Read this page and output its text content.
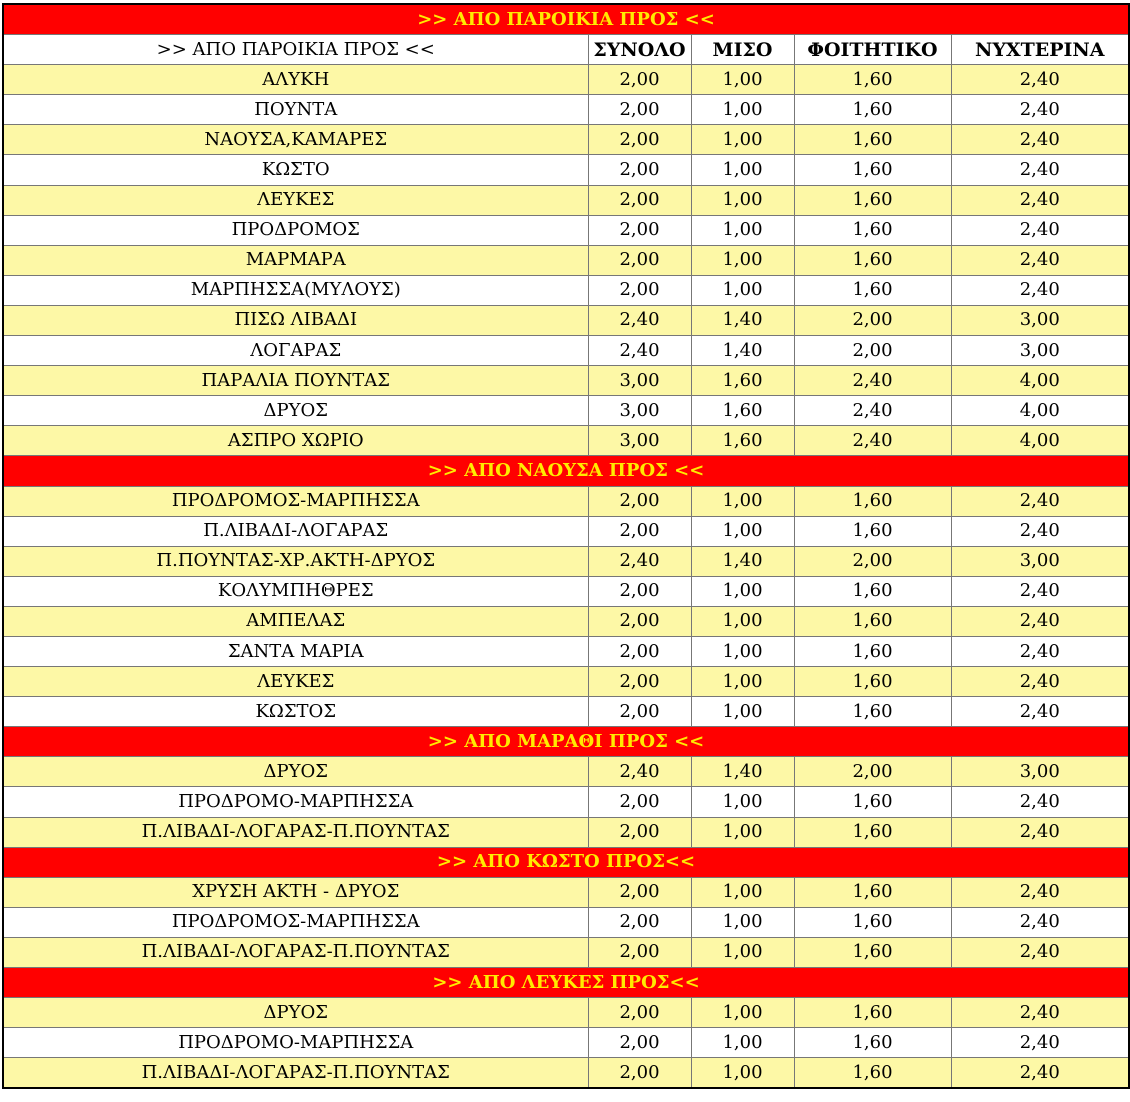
>> ΑΠΟ ΠΑΡΟΙΚΙΑ ΠΡΟΣ <<				
>> ΑΠΟ ΠΑΡΟΙΚΙΑ ΠΡΟΣ <<	ΣΥΝΟΛΟ	ΜΙΣΟ	ΦΟΙΤΗΤΙΚΟ	ΝΥΧΤΕΡΙΝΑ
ΑΛΥΚΗ	2,00	1,00	1,60	2,40
ΠΟΥΝΤΑ	2,00	1,00	1,60	2,40
ΝΑΟΥΣΑ,ΚΑΜΑΡΕΣ	2,00	1,00	1,60	2,40
ΚΩΣΤΟ	2,00	1,00	1,60	2,40
ΛΕΥΚΕΣ	2,00	1,00	1,60	2,40
ΠΡΟΔΡΟΜΟΣ	2,00	1,00	1,60	2,40
ΜΑΡΜΑΡΑ	2,00	1,00	1,60	2,40
ΜΑΡΠΗΣΣΑ(ΜΥΛΟΥΣ)	2,00	1,00	1,60	2,40
ΠΙΣΩ ΛΙΒΑΔΙ	2,40	1,40	2,00	3,00
ΛΟΓΑΡΑΣ	2,40	1,40	2,00	3,00
ΠΑΡΑΛΙΑ ΠΟΥΝΤΑΣ	3,00	1,60	2,40	4,00
ΔΡΥΟΣ	3,00	1,60	2,40	4,00
ΑΣΠΡΟ ΧΩΡΙΟ	3,00	1,60	2,40	4,00
>> ΑΠΟ ΝΑΟΥΣΑ ΠΡΟΣ <<				
ΠΡΟΔΡΟΜΟΣ-ΜΑΡΠΗΣΣΑ	2,00	1,00	1,60	2,40
Π.ΛΙΒΑΔΙ-ΛΟΓΑΡΑΣ	2,00	1,00	1,60	2,40
Π.ΠΟΥΝΤΑΣ-ΧΡ.ΑΚΤΗ-ΔΡΥΟΣ	2,40	1,40	2,00	3,00
ΚΟΛΥΜΠΗΘΡΕΣ	2,00	1,00	1,60	2,40
ΑΜΠΕΛΑΣ	2,00	1,00	1,60	2,40
ΣΑΝΤΑ ΜΑΡΙΑ	2,00	1,00	1,60	2,40
ΛΕΥΚΕΣ	2,00	1,00	1,60	2,40
ΚΩΣΤΟΣ	2,00	1,00	1,60	2,40
>> ΑΠΟ ΜΑΡΑΘΙ ΠΡΟΣ <<				
ΔΡΥΟΣ	2,40	1,40	2,00	3,00
ΠΡΟΔΡΟΜΟ-ΜΑΡΠΗΣΣΑ	2,00	1,00	1,60	2,40
Π.ΛΙΒΑΔΙ-ΛΟΓΑΡΑΣ-Π.ΠΟΥΝΤΑΣ	2,00	1,00	1,60	2,40
>> ΑΠΟ ΚΩΣΤΟ ΠΡΟΣ<<				
ΧΡΥΣΗ ΑΚΤΗ - ΔΡΥΟΣ	2,00	1,00	1,60	2,40
ΠΡΟΔΡΟΜΟΣ-ΜΑΡΠΗΣΣΑ	2,00	1,00	1,60	2,40
Π.ΛΙΒΑΔΙ-ΛΟΓΑΡΑΣ-Π.ΠΟΥΝΤΑΣ	2,00	1,00	1,60	2,40
>> ΑΠΟ ΛΕΥΚΕΣ ΠΡΟΣ<<				
ΔΡΥΟΣ	2,00	1,00	1,60	2,40
ΠΡΟΔΡΟΜΟ-ΜΑΡΠΗΣΣΑ	2,00	1,00	1,60	2,40
Π.ΛΙΒΑΔΙ-ΛΟΓΑΡΑΣ-Π.ΠΟΥΝΤΑΣ	2,00	1,00	1,60	2,40
